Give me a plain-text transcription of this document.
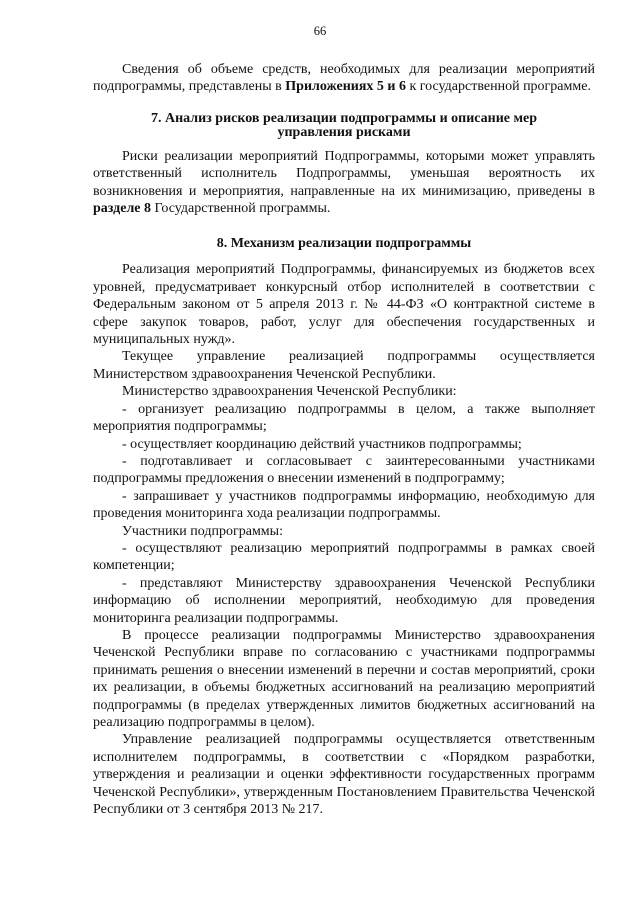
66

Сведения об объеме средств, необходимых для реализации мероприятий подпрограммы, представлены в Приложениях 5 и 6 к государственной программе.

7. Анализ рисков реализации подпрограммы и описание мер

управления рисками

Риски реализации мероприятий Подпрограммы, которыми может управлять ответственный исполнитель Подпрограммы, уменьшая вероятность их возникновения и мероприятия, направленные на их минимизацию, приведены в разделе 8 Государственной программы.

8. Механизм реализации подпрограммы

Реализация мероприятий Подпрограммы, финансируемых из бюджетов всех уровней, предусматривает конкурсный отбор исполнителей в соответствии с Федеральным законом от 5 апреля 2013 г. № 44-ФЗ «О контрактной системе в сфере закупок товаров, работ, услуг для обеспечения государственных и муниципальных нужд».

Текущее управление реализацией подпрограммы осуществляется Министерством здравоохранения Чеченской Республики.

Министерство здравоохранения Чеченской Республики:

- организует реализацию подпрограммы в целом, а также выполняет мероприятия подпрограммы;

- осуществляет координацию действий участников подпрограммы;

- подготавливает и согласовывает с заинтересованными участниками подпрограммы предложения о внесении изменений в подпрограмму;

- запрашивает у участников подпрограммы информацию, необходимую для проведения мониторинга хода реализации подпрограммы.

Участники подпрограммы:

- осуществляют реализацию мероприятий подпрограммы в рамках своей компетенции;

- представляют Министерству здравоохранения Чеченской Республики информацию об исполнении мероприятий, необходимую для проведения мониторинга реализации подпрограммы.

В процессе реализации подпрограммы Министерство здравоохранения Чеченской Республики вправе по согласованию с участниками подпрограммы принимать решения о внесении изменений в перечни и состав мероприятий, сроки их реализации, в объемы бюджетных ассигнований на реализацию мероприятий подпрограммы (в пределах утвержденных лимитов бюджетных ассигнований на реализацию подпрограммы в целом).

Управление реализацией подпрограммы осуществляется ответственным исполнителем подпрограммы, в соответствии с «Порядком разработки, утверждения и реализации и оценки эффективности государственных программ Чеченской Республики», утвержденным Постановлением Правительства Чеченской Республики от 3 сентября 2013 № 217.
